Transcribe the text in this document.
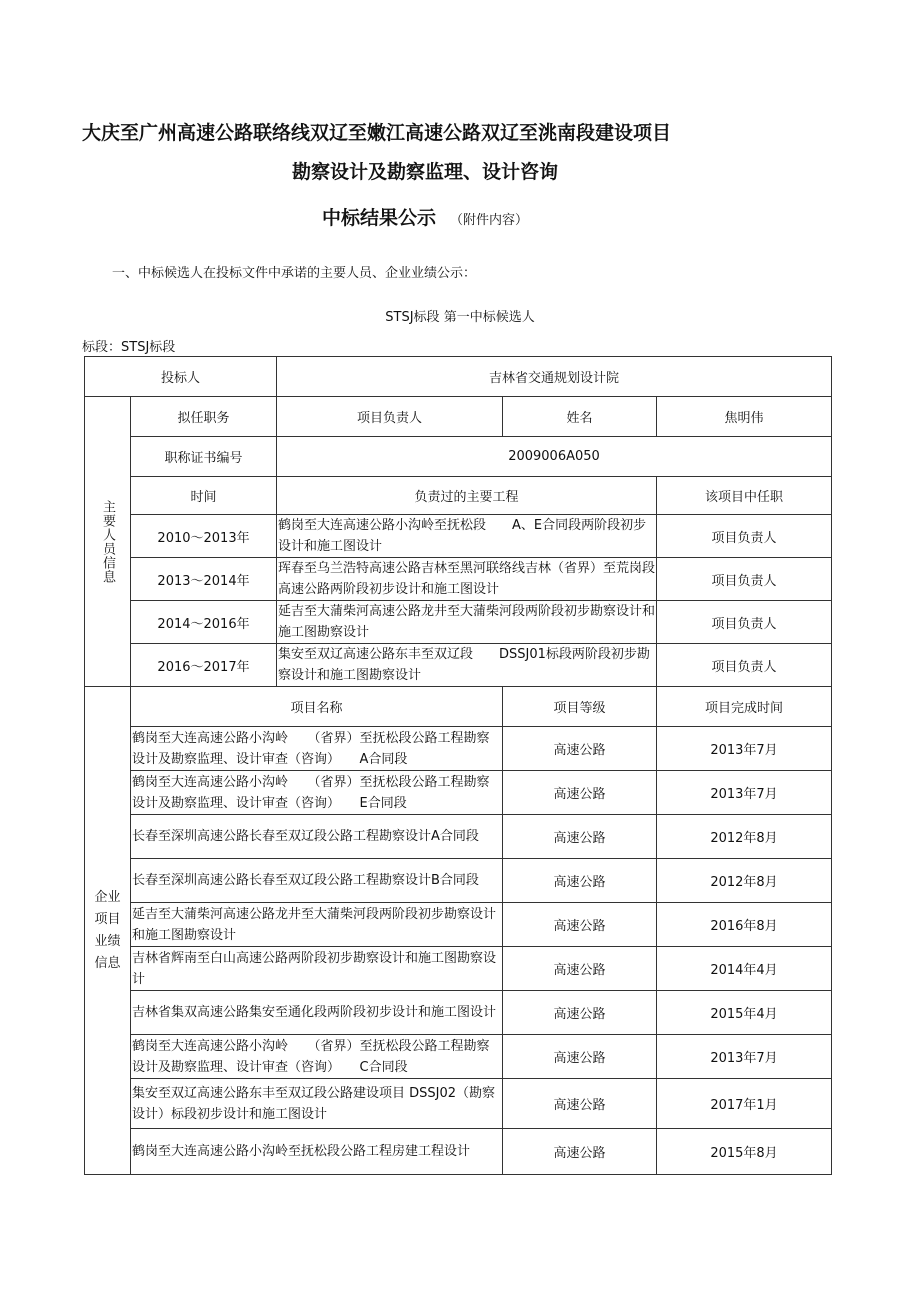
大庆至广州高速公路联络线双辽至嫩江高速公路双辽至洮南段建设项目
勘察设计及勘察监理、设计咨询
中标结果公示 （附件内容）
一、中标候选人在投标文件中承诺的主要人员、企业业绩公示：
STSJ标段 第一中标候选人
标段：STSJ标段
投标人		吉林省交通规划设计院		

主要人员信息	拟任职务	项目负责人	姓名	焦明伟
	职称证书编号	2009006A050		
	时间	负责过的主要工程		该项目中任职
	2010～2013年	鹤岗至大连高速公路小沟岭至抚松段　　A、E合同段两阶段初步设计和施工图设计		项目负责人
	2013～2014年	珲春至乌兰浩特高速公路吉林至黑河联络线吉林（省界）至荒岗段高速公路两阶段初步设计和施工图设计		项目负责人
	2014～2016年	延吉至大蒲柴河高速公路龙井至大蒲柴河段两阶段初步勘察设计和施工图勘察设计		项目负责人
	2016～2017年	集安至双辽高速公路东丰至双辽段　　DSSJ01标段两阶段初步勘察设计和施工图勘察设计		项目负责人

企业
项目
业绩
信息	项目名称		项目等级	项目完成时间
	鹤岗至大连高速公路小沟岭　　（省界）至抚松段公路工程勘察设计及勘察监理、设计审查（咨询）　　A合同段		高速公路	2013年7月
	鹤岗至大连高速公路小沟岭　　（省界）至抚松段公路工程勘察设计及勘察监理、设计审查（咨询）　　E合同段		高速公路	2013年7月
	长春至深圳高速公路长春至双辽段公路工程勘察设计A合同段		高速公路	2012年8月
	长春至深圳高速公路长春至双辽段公路工程勘察设计B合同段		高速公路	2012年8月
	延吉至大蒲柴河高速公路龙井至大蒲柴河段两阶段初步勘察设计和施工图勘察设计		高速公路	2016年8月
	吉林省辉南至白山高速公路两阶段初步勘察设计和施工图勘察设计		高速公路	2014年4月
	吉林省集双高速公路集安至通化段两阶段初步设计和施工图设计		高速公路	2015年4月
	鹤岗至大连高速公路小沟岭　　（省界）至抚松段公路工程勘察设计及勘察监理、设计审查（咨询）　　C合同段		高速公路	2013年7月
	集安至双辽高速公路东丰至双辽段公路建设项目 DSSJ02（勘察设计）标段初步设计和施工图设计		高速公路	2017年1月
	鹤岗至大连高速公路小沟岭至抚松段公路工程房建工程设计		高速公路	2015年8月
